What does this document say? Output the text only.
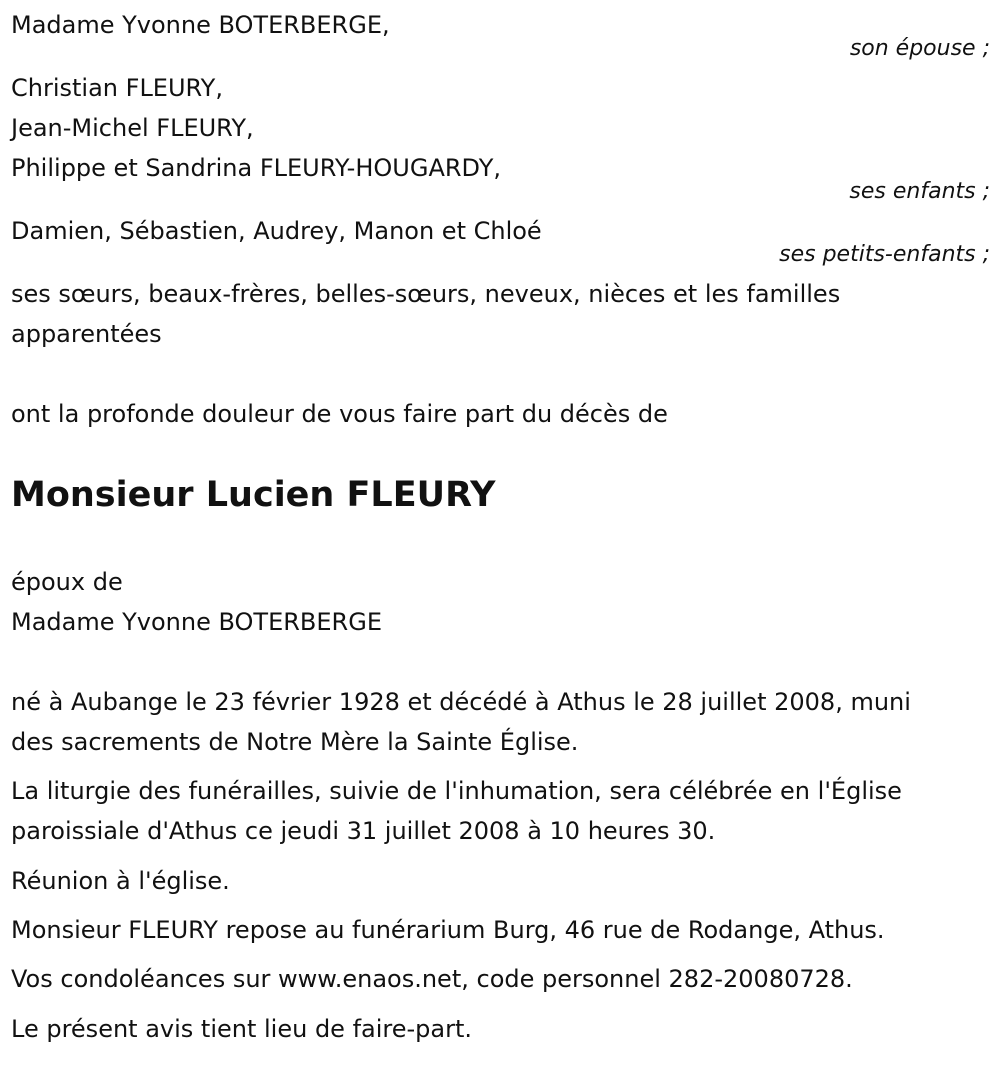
Madame Yvonne BOTERBERGE,
son épouse ;
Christian FLEURY,
Jean-Michel FLEURY,
Philippe et Sandrina FLEURY-HOUGARDY,
ses enfants ;
Damien, Sébastien, Audrey, Manon et Chloé
ses petits-enfants ;
ses sœurs, beaux-frères, belles-sœurs, neveux, nièces et les familles
apparentées
ont la profonde douleur de vous faire part du décès de
Monsieur Lucien FLEURY
époux de
Madame Yvonne BOTERBERGE
né à Aubange le 23 février 1928 et décédé à Athus le 28 juillet 2008, muni
des sacrements de Notre Mère la Sainte Église.
La liturgie des funérailles, suivie de l'inhumation, sera célébrée en l'Église
paroissiale d'Athus ce jeudi 31 juillet 2008 à 10 heures 30.
Réunion à l'église.
Monsieur FLEURY repose au funérarium Burg, 46 rue de Rodange, Athus.
Vos condoléances sur www.enaos.net, code personnel 282-20080728.
Le présent avis tient lieu de faire-part.
